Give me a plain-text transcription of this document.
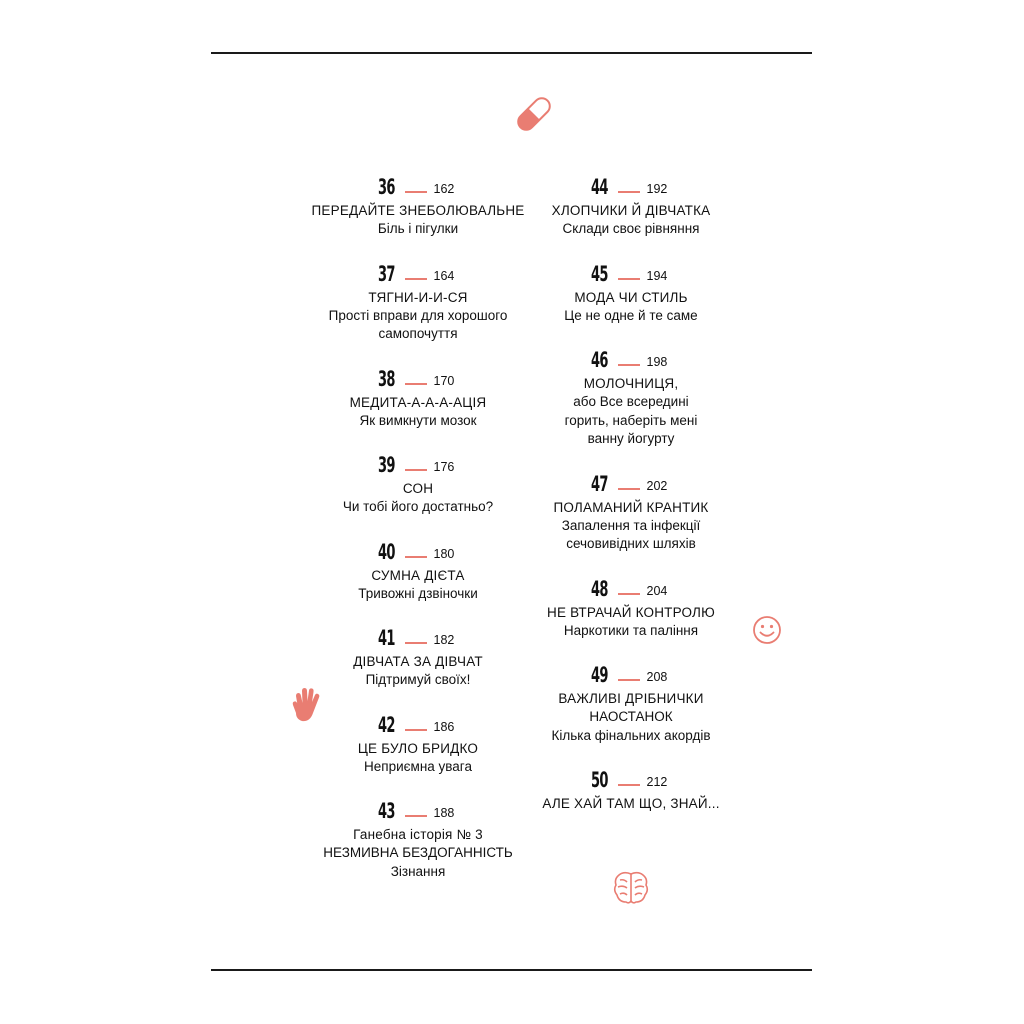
36	162
ПЕРЕДАЙТЕ ЗНЕБОЛЮВАЛЬНЕ
Біль і пігулки
37	164
ТЯГНИ-И-И-СЯ
Прості вправи для хорошого
самопочуття
38	170
МЕДИТА-А-А-А-АЦІЯ
Як вимкнути мозок
39	176
СОН
Чи тобі його достатньо?
40	180
СУМНА ДІЄТА
Тривожні дзвіночки
41	182
ДІВЧАТА ЗА ДІВЧАТ
Підтримуй своїх!
42	186
ЦЕ БУЛО БРИДКО
Неприємна увага
43	188
Ганебна історія № 3
НЕЗМИВНА БЕЗДОГАННІСТЬ
Зізнання
44	192
ХЛОПЧИКИ Й ДІВЧАТКА
Склади своє рівняння
45	194
МОДА ЧИ СТИЛЬ
Це не одне й те саме
46	198
МОЛОЧНИЦЯ,
або Все всередині
горить, наберіть мені
ванну йогурту
47	202
ПОЛАМАНИЙ КРАНТИК
Запалення та інфекції
сечовивідних шляхів
48	204
НЕ ВТРАЧАЙ КОНТРОЛЮ
Наркотики та паління
49	208
ВАЖЛИВІ ДРІБНИЧКИ
НАОСТАНОК
Кілька фінальних акордів
50	212
АЛЕ ХАЙ ТАМ ЩО, ЗНАЙ...
